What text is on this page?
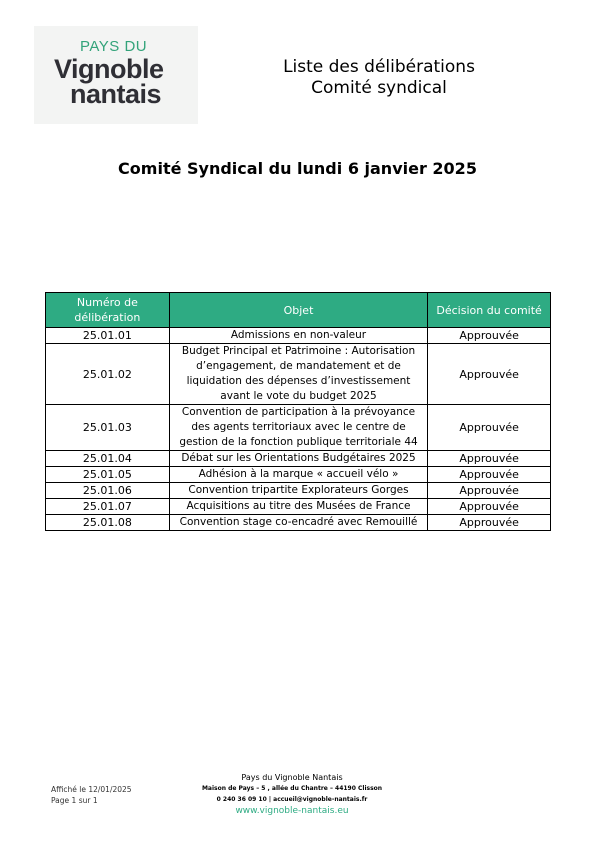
PAYS DU
Vignoble
nantais
Liste des délibérations
Comité syndical
Comité Syndical du lundi 6 janvier 2025
Numéro de délibération	Objet	Décision du comité
25.01.01	Admissions en non-valeur	Approuvée
25.01.02	Budget Principal et Patrimoine : Autorisation d’engagement, de mandatement et de liquidation des dépenses d’investissement avant le vote du budget 2025	Approuvée
25.01.03	Convention de participation à la prévoyance des agents territoriaux avec le centre de gestion de la fonction publique territoriale 44	Approuvée
25.01.04	Débat sur les Orientations Budgétaires 2025	Approuvée
25.01.05	Adhésion à la marque « accueil vélo »	Approuvée
25.01.06	Convention tripartite Explorateurs Gorges	Approuvée
25.01.07	Acquisitions au titre des Musées de France	Approuvée
25.01.08	Convention stage co-encadré avec Remouillé	Approuvée
Affiché le 12/01/2025
Page 1 sur 1
Pays du Vignoble Nantais
Maison de Pays – 5 , allée du Chantre – 44190 Clisson
0 240 36 09 10 | accueil@vignoble-nantais.fr
www.vignoble-nantais.eu
